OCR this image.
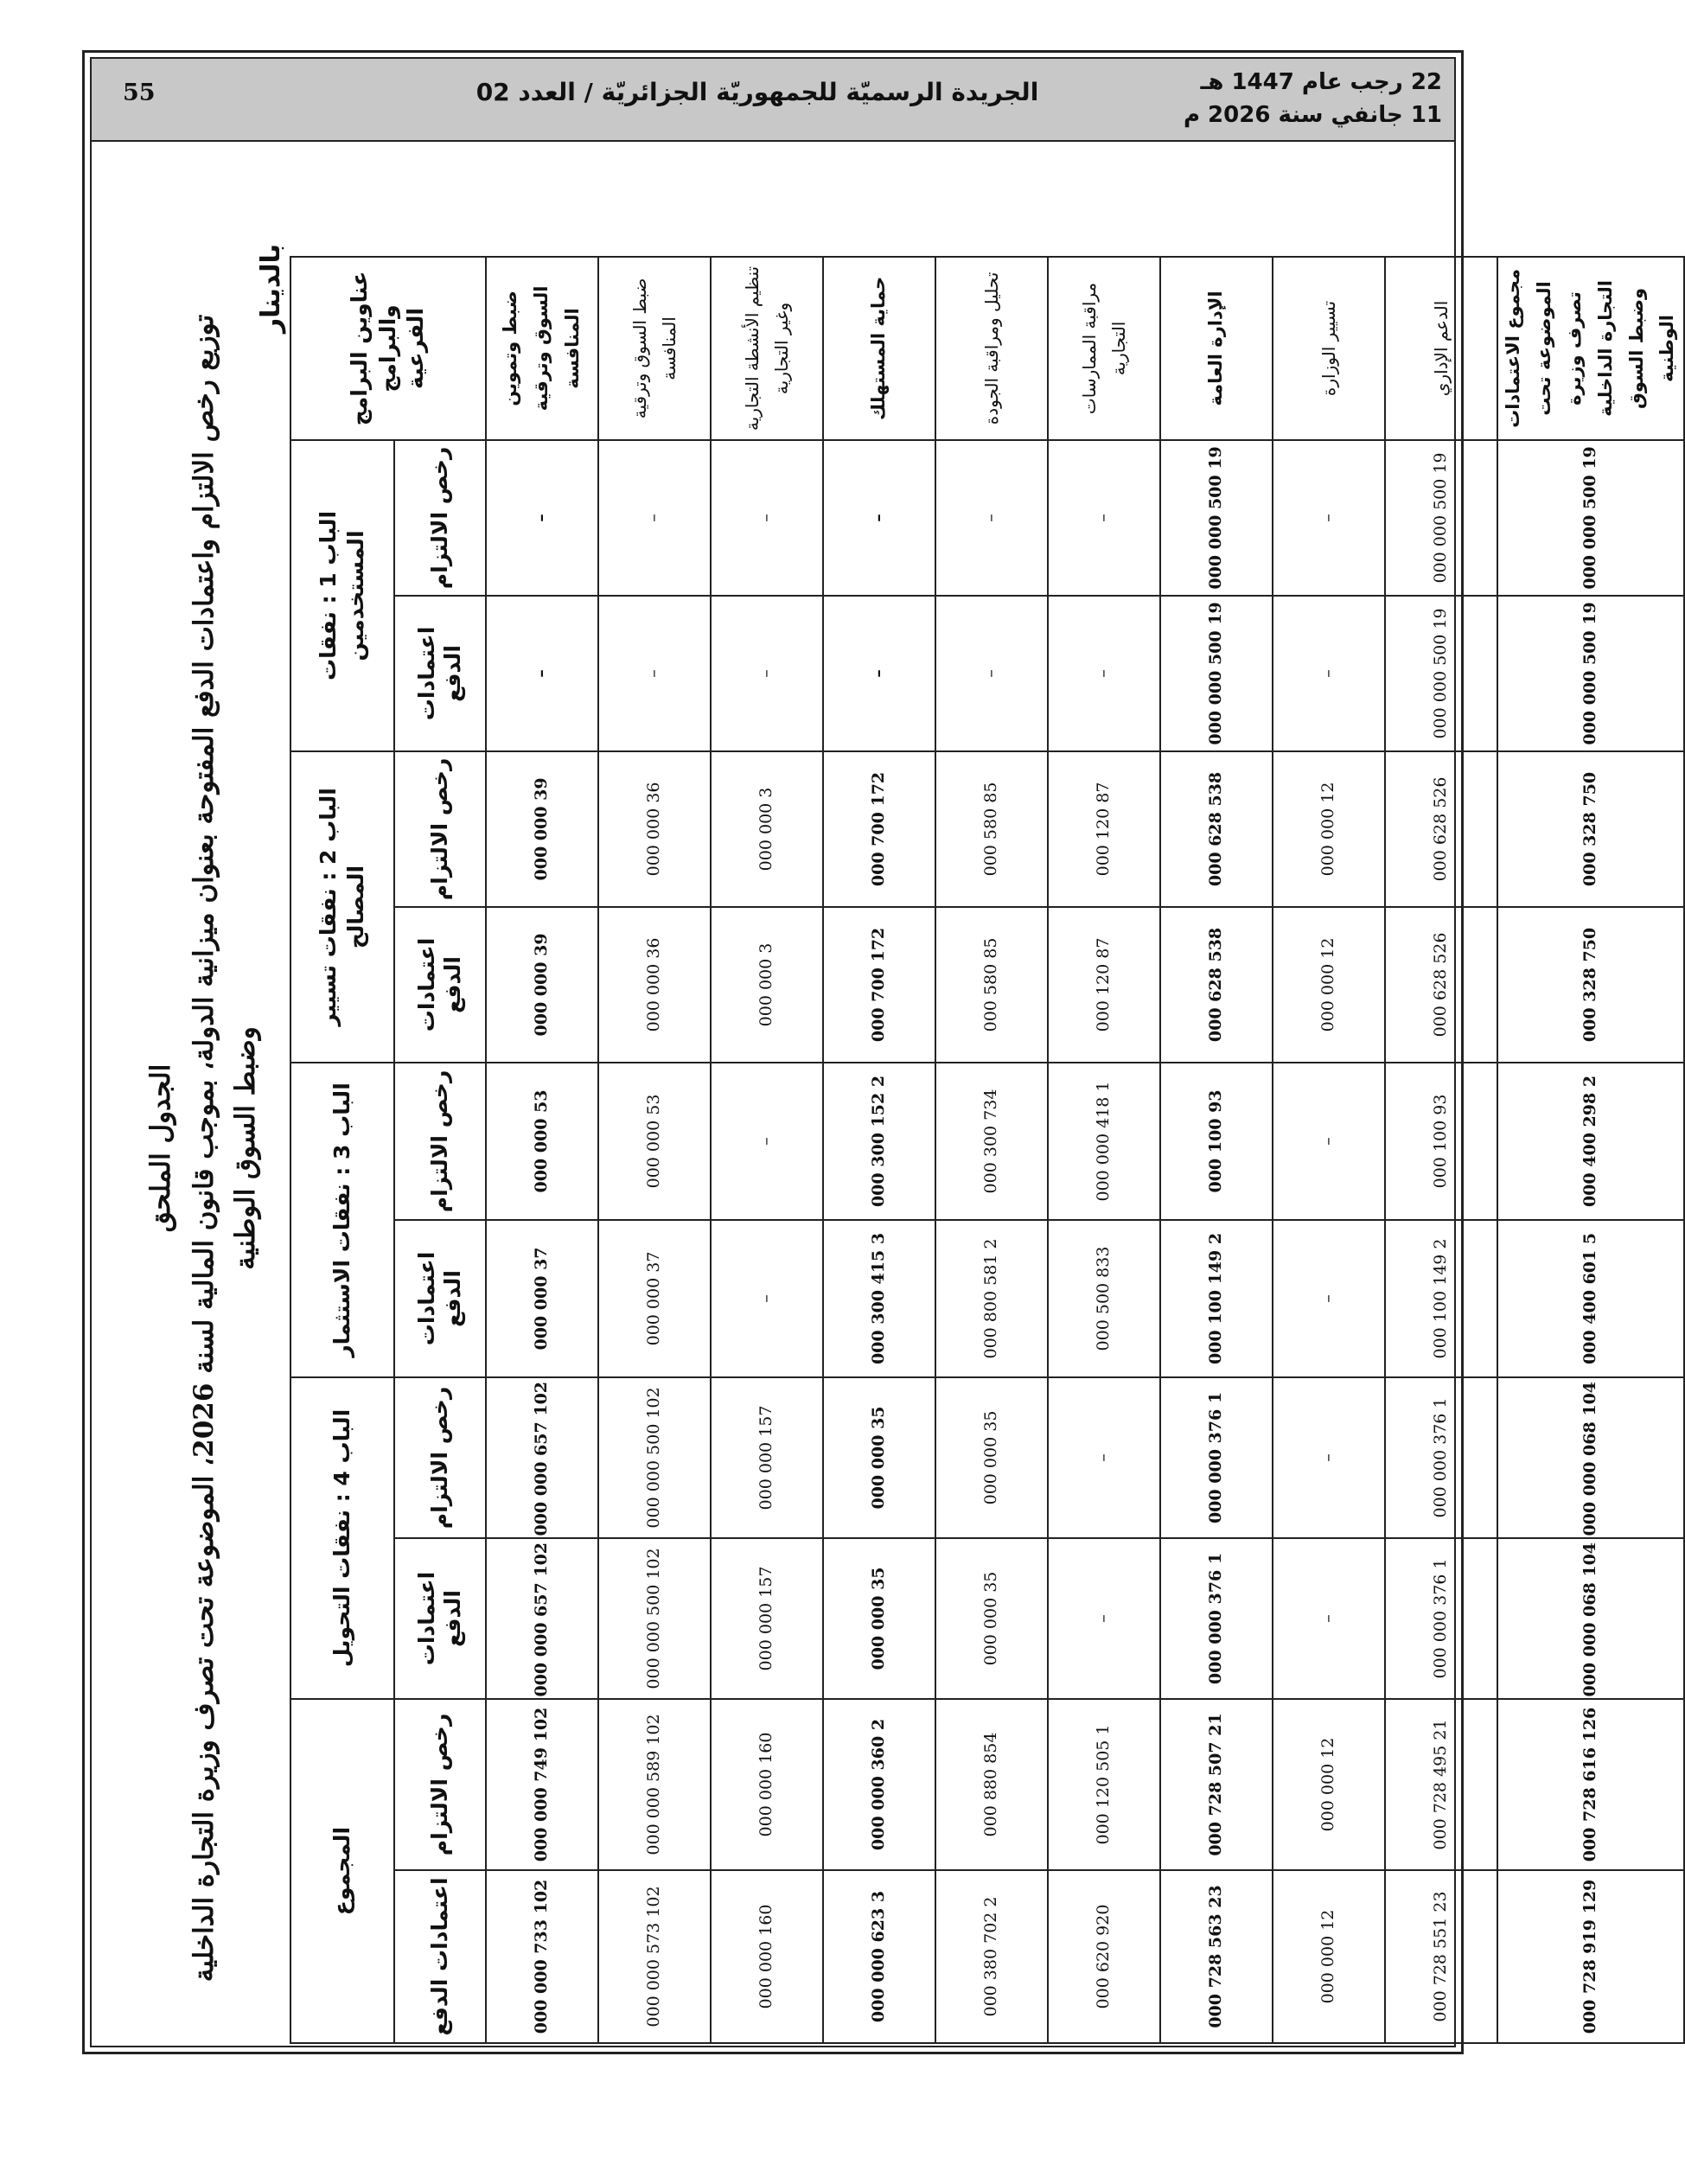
55	الجريدة الرسميّة للجمهوريّة الجزائريّة / العدد 02	22 رجب عام 1447 هـ
11 جانفي سنة 2026 م
الجدول الملحق
توزيع رخص الالتزام واعتمادات الدفع المفتوحة بعنوان ميزانية الدولة، بموجب قانون المالية لسنة 2026، الموضوعة تحت تصرف وزيرة التجارة الداخلية وضبط السوق الوطنية
بالدينار	عناوين البرامج والبرامج الفرعية	الباب 1 : نفقات المستخدمين		الباب 2 : نفقات تسيير المصالح		الباب 3 : نفقات الاستثمار		الباب 4 : نفقات التحويل		المجموع	
	رخص الالتزام	اعتمادات الدفع	رخص الالتزام	اعتمادات الدفع	رخص الالتزام	اعتمادات الدفع	رخص الالتزام	اعتمادات الدفع	رخص الالتزام	اعتمادات الدفع
ضبط وتموين السوق وترقية المنافسة	–	–	39 000 000	39 000 000	53 000 000	37 000 000	102 657 000 000	102 657 000 000	102 749 000 000	102 733 000 000
ضبط السوق وترقية المنافسة	–	–	36 000 000	36 000 000	53 000 000	37 000 000	102 500 000 000	102 500 000 000	102 589 000 000	102 573 000 000
تنظيم الأنشطة التجارية وغير التجارية	–	–	3 000 000	3 000 000	–	–	157 000 000	157 000 000	160 000 000	160 000 000
حماية المستهلك	–	–	172 700 000	172 700 000	2 152 300 000	3 415 300 000	35 000 000	35 000 000	2 360 000 000	3 623 000 000
تحليل ومراقبة الجودة	–	–	85 580 000	85 580 000	734 300 000	2 581 800 000	35 000 000	35 000 000	854 880 000	2 702 380 000
مراقبة الممارسات التجارية	–	–	87 120 000	87 120 000	1 418 000 000	833 500 000	–	–	1 505 120 000	920 620 000
الإدارة العامة	19 500 000 000	19 500 000 000	538 628 000	538 628 000	93 100 000	2 149 100 000	1 376 000 000	1 376 000 000	21 507 728 000	23 563 728 000
تسيير الوزارة	–	–	12 000 000	12 000 000	–	–	–	–	12 000 000	12 000 000
الدعم الإداري	19 500 000 000	19 500 000 000	526 628 000	526 628 000	93 100 000	2 149 100 000	1 376 000 000	1 376 000 000	21 495 728 000	23 551 728 000
مجموع الاعتمادات الموضوعة تحت تصرف وزيرة التجارة الداخلية وضبط السوق الوطنية	19 500 000 000	19 500 000 000	750 328 000	750 328 000	2 298 400 000	5 601 400 000	104 068 000 000	104 068 000 000	126 616 728 000	129 919 728 000
